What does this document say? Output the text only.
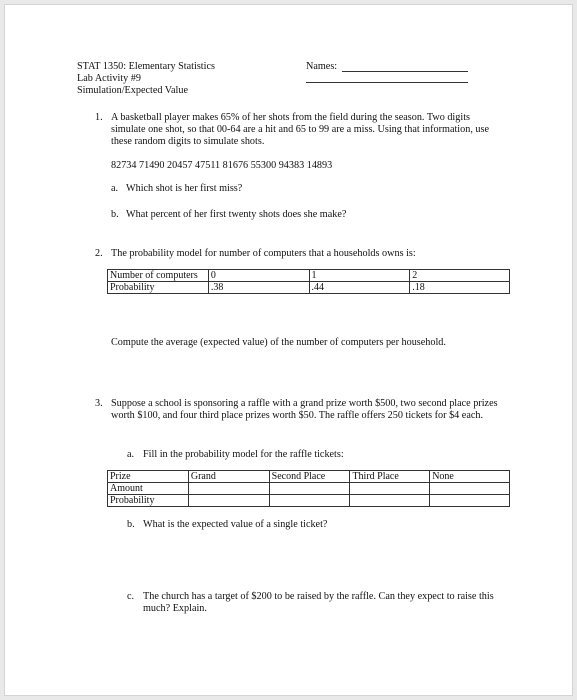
STAT 1350: Elementary Statistics
Lab Activity #9
Simulation/Expected Value
Names:
1. A basketball player makes 65% of her shots from the field during the season. Two digits simulate one shot, so that 00-64 are a hit and 65 to 99 are a miss. Using that information, use these random digits to simulate shots.
82734 71490 20457 47511 81676 55300 94383 14893
a. Which shot is her first miss?
b. What percent of her first twenty shots does she make?
2. The probability model for number of computers that a households owns is:
Number of computers	0	1	2
Probability	.38	.44	.18
Compute the average (expected value) of the number of computers per household.
3. Suppose a school is sponsoring a raffle with a grand prize worth $500, two second place prizes worth $100, and four third place prizes worth $50. The raffle offers 250 tickets for $4 each.
a. Fill in the probability model for the raffle tickets:
Prize	Grand	Second Place	Third Place	None
Amount				
Probability				
b. What is the expected value of a single ticket?
c. The church has a target of $200 to be raised by the raffle. Can they expect to raise this much? Explain.
